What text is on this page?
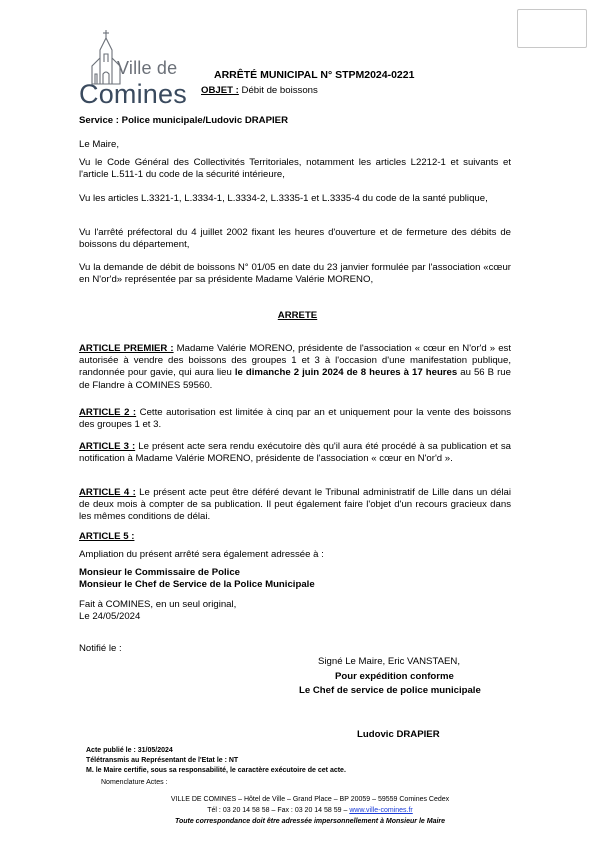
Ville de
Comines
ARRÊTÉ MUNICIPAL N° STPM2024-0221
OBJET : Débit de boissons
Service : Police municipale/Ludovic DRAPIER
Le Maire,
Vu le Code Général des Collectivités Territoriales, notamment les articles L2212-1 et suivants et l'article L.511-1 du code de la sécurité intérieure,
Vu les articles L.3321-1, L.3334-1, L.3334-2, L.3335-1 et L.3335-4 du code de la santé publique,
Vu l'arrêté préfectoral du 4 juillet 2002 fixant les heures d'ouverture et de fermeture des débits de boissons du département,
Vu la demande de débit de boissons N° 01/05 en date du 23 janvier formulée par l'association «cœur en N'or'd» représentée par sa présidente Madame Valérie MORENO,
ARRETE
ARTICLE PREMIER : Madame Valérie MORENO, présidente de l'association « cœur en N'or'd » est autorisée à vendre des boissons des groupes 1 et 3 à l'occasion d'une manifestation publique, randonnée pour gavie, qui aura lieu le dimanche 2 juin 2024 de 8 heures à 17 heures au 56 B rue de Flandre à COMINES 59560.
ARTICLE 2 : Cette autorisation est limitée à cinq par an et uniquement pour la vente des boissons des groupes 1 et 3.
ARTICLE 3 : Le présent acte sera rendu exécutoire dès qu'il aura été procédé à sa publication et sa notification à Madame Valérie MORENO, présidente de l'association « cœur en N'or'd ».
ARTICLE 4 : Le présent acte peut être déféré devant le Tribunal administratif de Lille dans un délai de deux mois à compter de sa publication. Il peut également faire l'objet d'un recours gracieux dans les mêmes conditions de délai.
ARTICLE 5 :
Ampliation du présent arrêté sera également adressée à :
Monsieur le Commissaire de Police
Monsieur le Chef de Service de la Police Municipale
Fait à COMINES, en un seul original,
Le 24/05/2024
Notifié le :
Signé Le Maire, Eric VANSTAEN,
Pour expédition conforme
Le Chef de service de police municipale
Ludovic DRAPIER
Acte publié le : 31/05/2024
Télétransmis au Représentant de l'Etat le : NT
M. le Maire certifie, sous sa responsabilité, le caractère exécutoire de cet acte.
Nomenclature Actes :
VILLE DE COMINES – Hôtel de Ville – Grand Place – BP 20059 – 59559 Comines Cedex
Tél : 03 20 14 58 58 – Fax : 03 20 14 58 59 – www.ville-comines.fr
Toute correspondance doit être adressée impersonnellement à Monsieur le Maire
